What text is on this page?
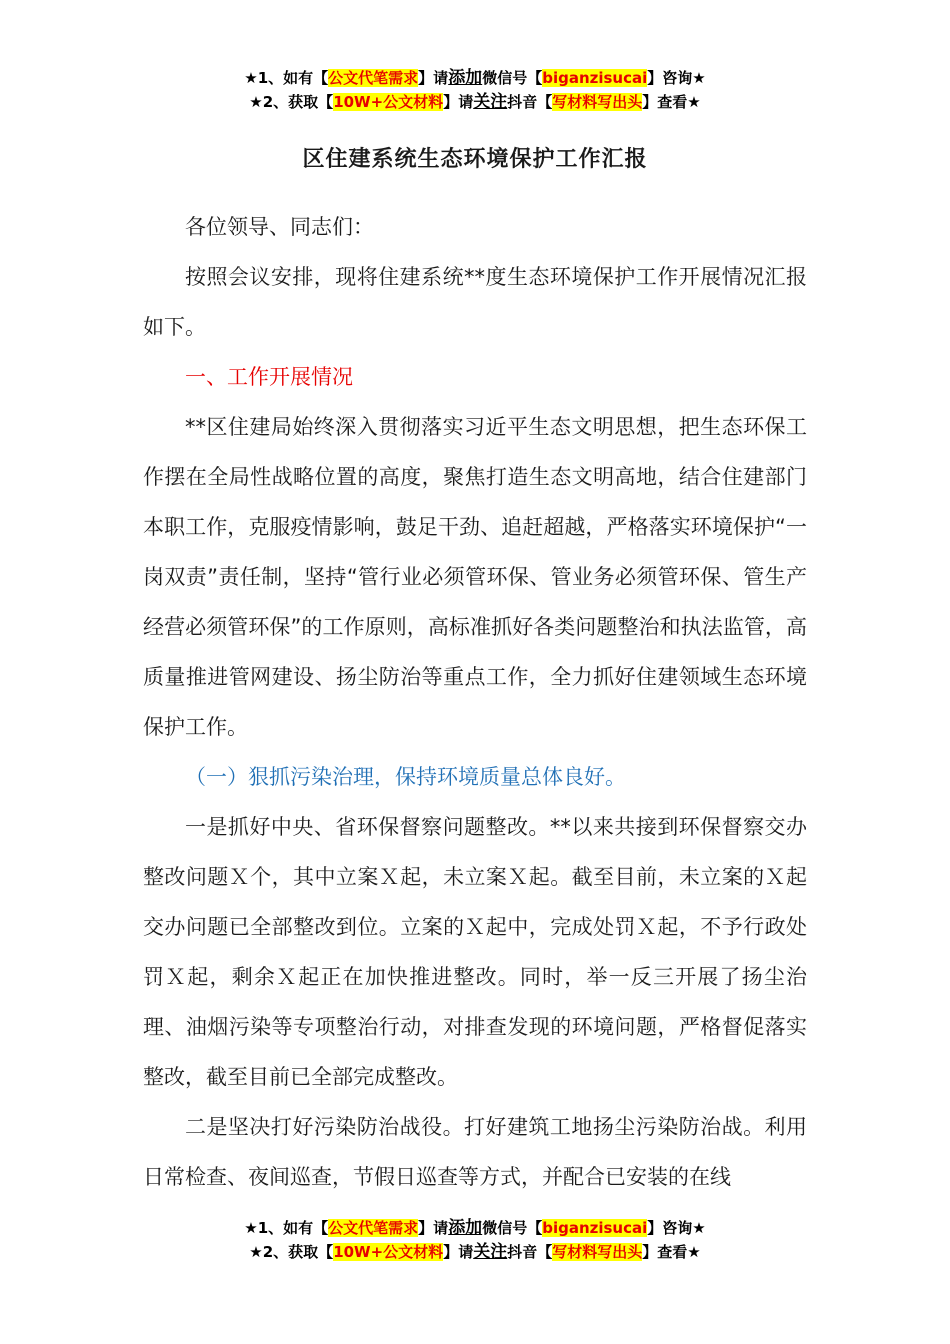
★1、如有【公文代笔需求】请添加微信号【biganzisucai】咨询★
★2、获取【10W+公文材料】请关注抖音【写材料写出头】查看★
区住建系统生态环境保护工作汇报

各位领导、同志们：

按照会议安排，现将住建系统**度生态环境保护工作开展情况汇报如下。

一、工作开展情况

**区住建局始终深入贯彻落实习近平生态文明思想，把生态环保工作摆在全局性战略位置的高度，聚焦打造生态文明高地，结合住建部门本职工作，克服疫情影响，鼓足干劲、追赶超越，严格落实环境保护“一岗双责”责任制，坚持“管行业必须管环保、管业务必须管环保、管生产经营必须管环保”的工作原则，高标准抓好各类问题整治和执法监管，高质量推进管网建设、扬尘防治等重点工作，全力抓好住建领域生态环境保护工作。

（一）狠抓污染治理，保持环境质量总体良好。

一是抓好中央、省环保督察问题整改。**以来共接到环保督察交办整改问题Ｘ个，其中立案Ｘ起，未立案Ｘ起。截至目前，未立案的Ｘ起交办问题已全部整改到位。立案的Ｘ起中，完成处罚Ｘ起，不予行政处罚Ｘ起，剩余Ｘ起正在加快推进整改。同时，举一反三开展了扬尘治理、油烟污染等专项整治行动，对排查发现的环境问题，严格督促落实整改，截至目前已全部完成整改。

二是坚决打好污染防治战役。打好建筑工地扬尘污染防治战。利用日常检查、夜间巡查，节假日巡查等方式，并配合已安装的在线

★1、如有【公文代笔需求】请添加微信号【biganzisucai】咨询★
★2、获取【10W+公文材料】请关注抖音【写材料写出头】查看★
